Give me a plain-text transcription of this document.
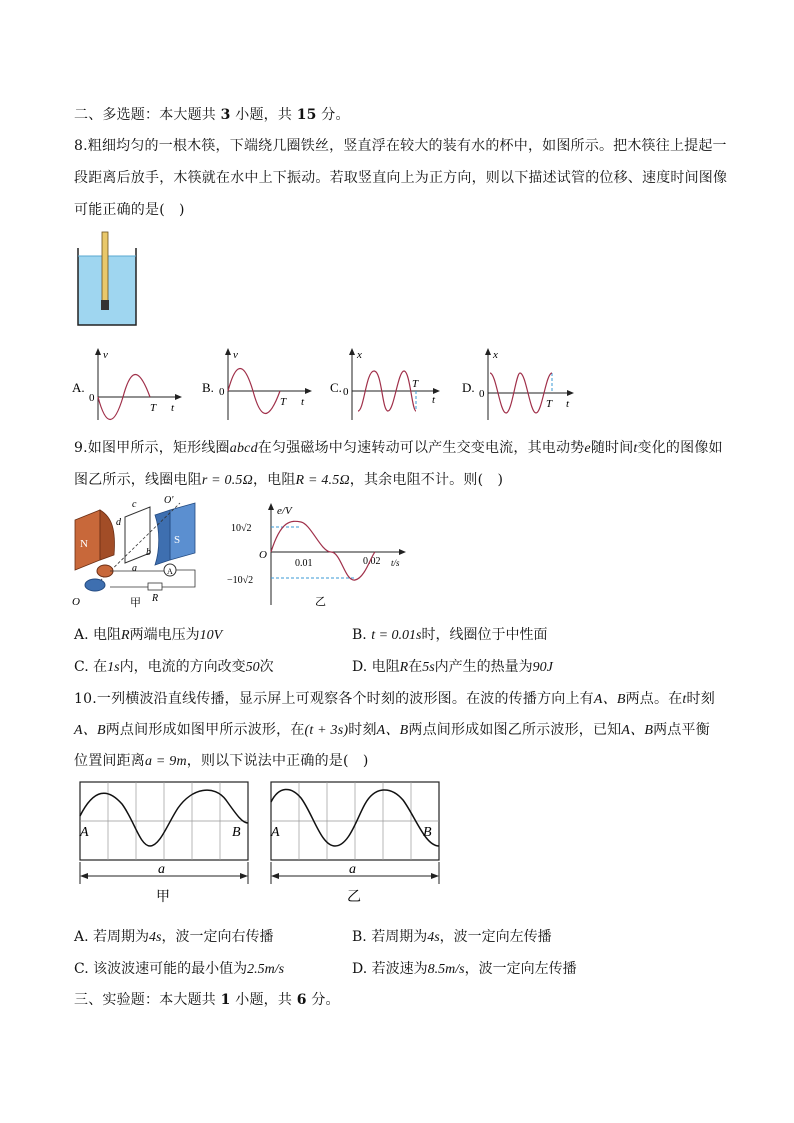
二、多选题：本大题共 3 小题，共 15 分。
8.粗细均匀的一根木筷，下端绕几圈铁丝，竖直浮在较大的装有水的杯中，如图所示。把木筷往上提起一
段距离后放手，木筷就在水中上下振动。若取竖直向上为正方向，则以下描述试管的位移、速度时间图像
可能正确的是(　)
A.
v
0
T t
B.
v
0
T t
C.
x
0
T
t
D.
x
0
T t
9.如图甲所示，矩形线圈abcd在匀强磁场中匀速转动可以产生交变电流，其电动势e随时间t变化的图像如
图乙所示，线圈电阻r = 0.5Ω，电阻R = 4.5Ω，其余电阻不计。则(　)
N	S
c
d
b
a
O'
A
R
O	甲
e/V
10√2
−10√2
O
0.01	0.02 t/s
乙
A. 电阻R两端电压为10V	B. t = 0.01s时，线圈位于中性面
C. 在1s内，电流的方向改变50次	D. 电阻R在5s内产生的热量为90J
10.一列横波沿直线传播，显示屏上可观察各个时刻的波形图。在波的传播方向上有A、B两点。在t时刻
A、B两点间形成如图甲所示波形，在(t + 3s)时刻A、B两点间形成如图乙所示波形，已知A、B两点平衡
位置间距离a = 9m，则以下说法中正确的是(　)
A	B
a
甲
A	B
a
乙
A. 若周期为4s，波一定向右传播	B. 若周期为4s，波一定向左传播
C. 该波波速可能的最小值为2.5m/s	D. 若波速为8.5m/s，波一定向左传播
三、实验题：本大题共 1 小题，共 6 分。
